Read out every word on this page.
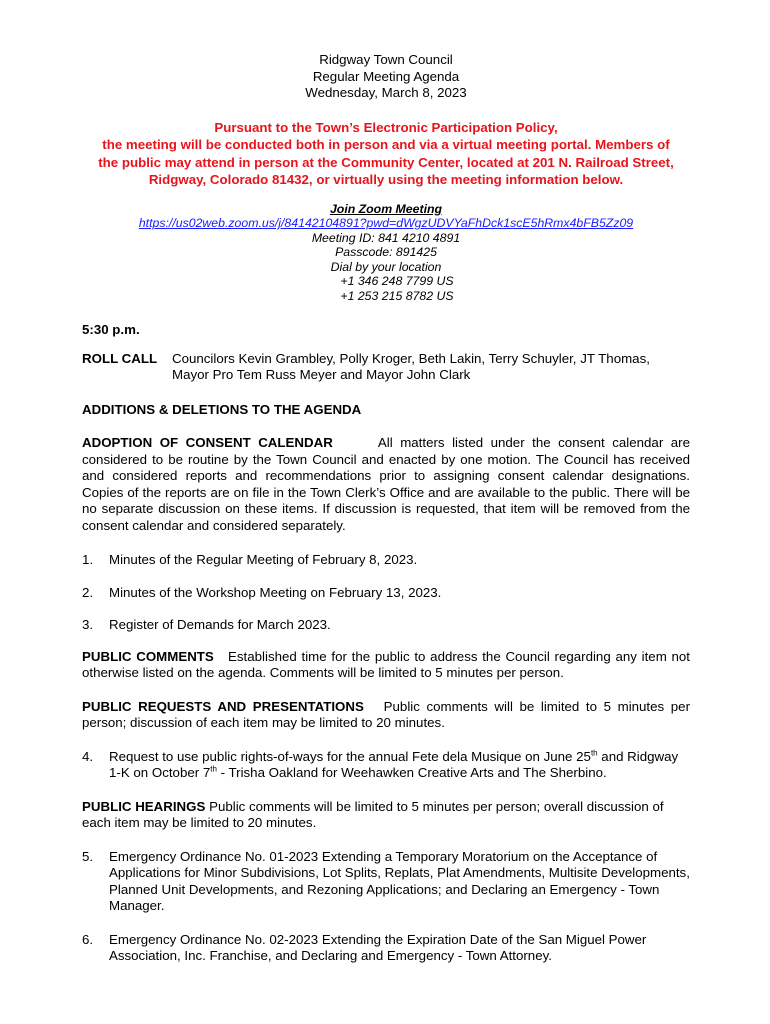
Ridgway Town Council
Regular Meeting Agenda
Wednesday, March 8, 2023
Pursuant to the Town’s Electronic Participation Policy,
the meeting will be conducted both in person and via a virtual meeting portal. Members of
the public may attend in person at the Community Center, located at 201 N. Railroad Street,
Ridgway, Colorado 81432, or virtually using the meeting information below.
Join Zoom Meeting
https://us02web.zoom.us/j/84142104891?pwd=dWgzUDVYaFhDck1scE5hRmx4bFB5Zz09
Meeting ID: 841 4210 4891
Passcode: 891425
Dial by your location
+1 346 248 7799 US
+1 253 215 8782 US
5:30 p.m.
ROLL CALL	Councilors Kevin Grambley, Polly Kroger, Beth Lakin, Terry Schuyler, JT Thomas,
Mayor Pro Tem Russ Meyer and Mayor John Clark
ADDITIONS & DELETIONS TO THE AGENDA
ADOPTION OF CONSENT CALENDAR	All matters listed under the consent calendar are considered to be routine by the Town Council and enacted by one motion. The Council has received and considered reports and recommendations prior to assigning consent calendar designations. Copies of the reports are on file in the Town Clerk’s Office and are available to the public. There will be no separate discussion on these items. If discussion is requested, that item will be removed from the consent calendar and considered separately.
1.	Minutes of the Regular Meeting of February 8, 2023.
2.	Minutes of the Workshop Meeting on February 13, 2023.
3.	Register of Demands for March 2023.
PUBLIC COMMENTS Established time for the public to address the Council regarding any item not otherwise listed on the agenda. Comments will be limited to 5 minutes per person.
PUBLIC REQUESTS AND PRESENTATIONS Public comments will be limited to 5 minutes per person; discussion of each item may be limited to 20 minutes.
4.	Request to use public rights-of-ways for the annual Fete dela Musique on June 25th and Ridgway 1-K on October 7th - Trisha Oakland for Weehawken Creative Arts and The Sherbino.
PUBLIC HEARINGS Public comments will be limited to 5 minutes per person; overall discussion of each item may be limited to 20 minutes.
5.	Emergency Ordinance No. 01-2023 Extending a Temporary Moratorium on the Acceptance of Applications for Minor Subdivisions, Lot Splits, Replats, Plat Amendments, Multisite Developments, Planned Unit Developments, and Rezoning Applications; and Declaring an Emergency - Town Manager.
6.	Emergency Ordinance No. 02-2023 Extending the Expiration Date of the San Miguel Power Association, Inc. Franchise, and Declaring and Emergency - Town Attorney.
